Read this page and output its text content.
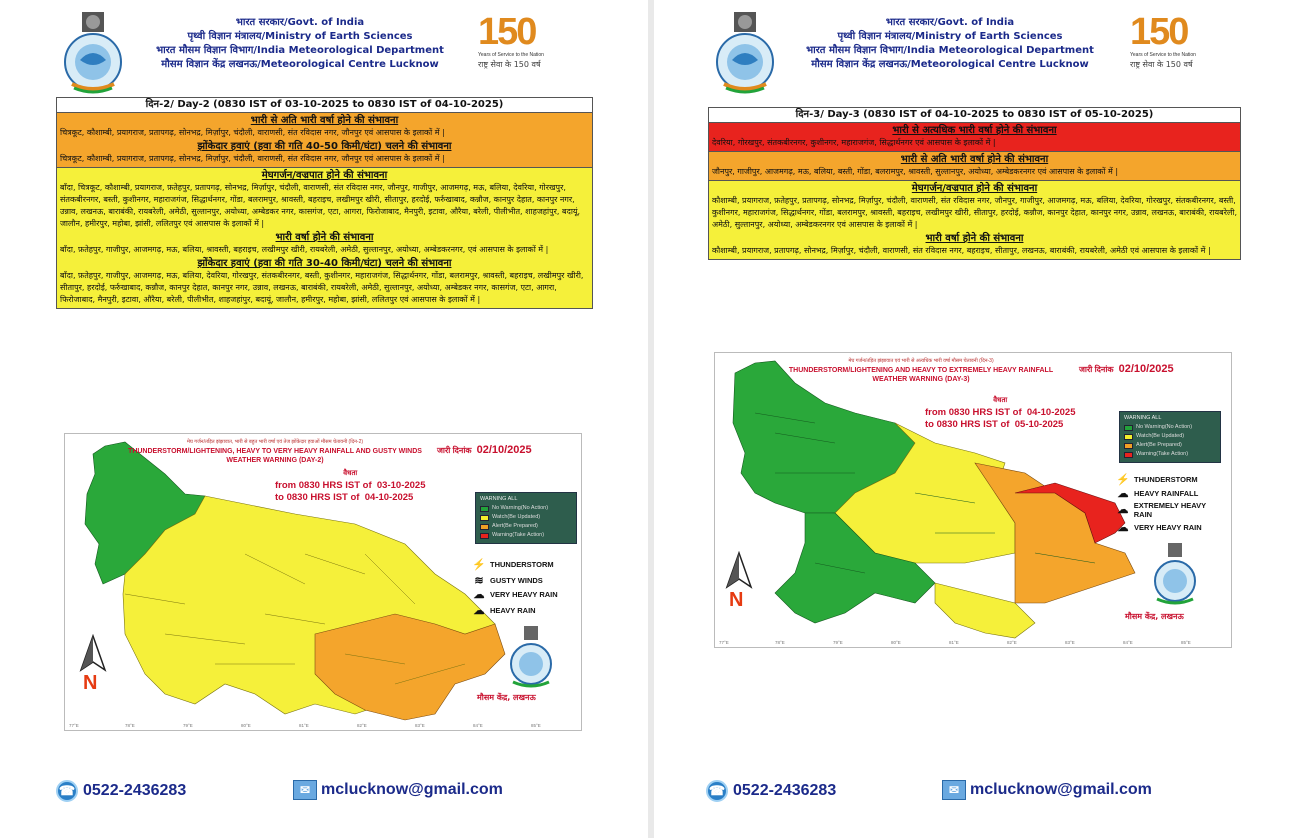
भारत सरकार/Govt. of India
पृथ्वी विज्ञान मंत्रालय/Ministry of Earth Sciences
भारत मौसम विज्ञान विभाग/India Meteorological Department
मौसम विज्ञान केंद्र लखनऊ/Meteorological Centre Lucknow
150
Years of Service to the Nation
राष्ट्र सेवा के 150 वर्ष
दिन-2/ Day-2 (0830 IST of 03-10-2025 to 0830 IST of 04-10-2025)
भारी से अति भारी वर्षा होने की संभावना
चित्रकूट, कौशाम्बी, प्रयागराज, प्रतापगढ़, सोनभद्र, मिर्ज़ापुर, चंदौली, वाराणसी, संत रविदास नगर, जौनपुर एवं आसपास के इलाकों में |
झोंकेदार हवाएं (हवा की गति 40-50 किमी/घंटा) चलने की संभावना
चित्रकूट, कौशाम्बी, प्रयागराज, प्रतापगढ़, सोनभद्र, मिर्ज़ापुर, चंदौली, वाराणसी, संत रविदास नगर, जौनपुर एवं आसपास के इलाकों में |
मेघगर्जन/वज्रपात होने की संभावना
बाँदा, चित्रकूट, कौशाम्बी, प्रयागराज, फ़तेहपुर, प्रतापगढ़, सोनभद्र, मिर्ज़ापुर, चंदौली, वाराणसी, संत रविदास नगर, जौनपुर, गाजीपुर, आजमगढ़, मऊ, बलिया, देवरिया, गोरखपुर, संतकबीरनगर, बस्ती, कुशीनगर, महाराजगंज, सिद्धार्थनगर, गोंडा, बलरामपुर, श्रावस्ती, बहराइच, लखीमपुर खीरी, सीतापुर, हरदोई, फर्रुखाबाद, कन्नौज, कानपुर देहात, कानपुर नगर, उन्नाव, लखनऊ, बाराबंकी, रायबरेली, अमेठी, सुल्तानपुर, अयोध्या, अम्बेडकर नगर, कासगंज, एटा, आगरा, फिरोजाबाद, मैनपुरी, इटावा, औरैया, बरेली, पीलीभीत, शाहजहांपुर, बदायूं, जालौन, हमीरपुर, महोबा, झांसी, ललितपुर एवं आसपास के इलाकों में |
भारी वर्षा होने की संभावना
बाँदा, फ़तेहपुर, गाजीपुर, आजमगढ़, मऊ, बलिया, श्रावस्ती, बहराइच, लखीमपुर खीरी, रायबरेली, अमेठी, सुल्तानपुर, अयोध्या, अम्बेडकरनगर, एवं आसपास के इलाकों में |
झोंकेदार हवाएं (हवा की गति 30-40 किमी/घंटा) चलने की संभावना
बाँदा, फ़तेहपुर, गाजीपुर, आजमगढ़, मऊ, बलिया, देवरिया, गोरखपुर, संतकबीरनगर, बस्ती, कुशीनगर, महाराजगंज, सिद्धार्थनगर, गोंडा, बलरामपुर, श्रावस्ती, बहराइच, लखीमपुर खीरी, सीतापुर, हरदोई, फर्रुखाबाद, कन्नौज, कानपुर देहात, कानपुर नगर, उन्नाव, लखनऊ, बाराबंकी, रायबरेली, अमेठी, सुल्तानपुर, अयोध्या, अम्बेडकर नगर, कासगंज, एटा, आगरा, फिरोजाबाद, मैनपुरी, इटावा, औरैया, बरेली, पीलीभीत, शाहजहांपुर, बदायूं, जालौन, हमीरपुर, महोबा, झांसी, ललितपुर एवं आसपास के इलाकों में |
मेघ गर्जन/तड़ित झंझावात, भारी से बहुत भारी वर्षा एवं तेज झोंकेदार हवाओं मौसम चेतावनी (दिन-2)
THUNDERSTORM/LIGHTENING, HEAVY TO VERY HEAVY RAINFALL AND GUSTY WINDS WEATHER WARNING (DAY-2)
जारी दिनांक 02/10/2025
वैधता
from 0830 HRS IST of 03-10-2025
to 0830 HRS IST of 04-10-2025	WARNING ALL
No Warning(No Action)
Watch(Be Updated)
Alert(Be Prepared)
Warning(Take Action)
⚡ THUNDERSTORM
≋ GUSTY WINDS
☁ VERY HEAVY RAIN
☁ HEAVY RAIN
N
मौसम केंद्र, लखनऊ
77°E	78°E	79°E	80°E	81°E	82°E	83°E	84°E	85°E
☎ 0522-2436283	✉ mclucknow@gmail.com
भारत सरकार/Govt. of India
पृथ्वी विज्ञान मंत्रालय/Ministry of Earth Sciences
भारत मौसम विज्ञान विभाग/India Meteorological Department
मौसम विज्ञान केंद्र लखनऊ/Meteorological Centre Lucknow
150
Years of Service to the Nation
राष्ट्र सेवा के 150 वर्ष
दिन-3/ Day-3 (0830 IST of 04-10-2025 to 0830 IST of 05-10-2025)
भारी से अत्यधिक भारी वर्षा होने की संभावना
देवरिया, गोरखपुर, संतकबीरनगर, कुशीनगर, महाराजगंज, सिद्धार्थनगर एवं आसपास के इलाकों में |
भारी से अति भारी वर्षा होने की संभावना
जौनपुर, गाजीपुर, आजमगढ़, मऊ, बलिया, बस्ती, गोंडा, बलरामपुर, श्रावस्ती, सुल्तानपुर, अयोध्या, अम्बेडकरनगर एवं आसपास के इलाकों में |
मेघगर्जन/वज्रपात होने की संभावना
कौशाम्बी, प्रयागराज, फ़तेहपुर, प्रतापगढ़, सोनभद्र, मिर्ज़ापुर, चंदौली, वाराणसी, संत रविदास नगर, जौनपुर, गाजीपुर, आजमगढ़, मऊ, बलिया, देवरिया, गोरखपुर, संतकबीरनगर, बस्ती, कुशीनगर, महाराजगंज, सिद्धार्थनगर, गोंडा, बलरामपुर, श्रावस्ती, बहराइच, लखीमपुर खीरी, सीतापुर, हरदोई, कन्नौज, कानपुर देहात, कानपुर नगर, उन्नाव, लखनऊ, बाराबंकी, रायबरेली, अमेठी, सुल्तानपुर, अयोध्या, अम्बेडकरनगर एवं आसपास के इलाकों में |
भारी वर्षा होने की संभावना
कौशाम्बी, प्रयागराज, प्रतापगढ़, सोनभद्र, मिर्ज़ापुर, चंदौली, वाराणसी, संत रविदास नगर, बहराइच, सीतापुर, लखनऊ, बाराबंकी, रायबरेली, अमेठी एवं आसपास के इलाकों में |
मेघ गर्जन/तड़ित झंझावात एवं भारी से अत्यधिक भारी वर्षा मौसम चेतावनी (दिन-3)
THUNDERSTORM/LIGHTENING AND HEAVY TO EXTREMELY HEAVY RAINFALL WEATHER WARNING (DAY-3)
जारी दिनांक 02/10/2025
वैधता
from 0830 HRS IST of 04-10-2025
to 0830 HRS IST of 05-10-2025
WARNING ALL
No Warning(No Action)
Watch(Be Updated)
Alert(Be Prepared)
Warning(Take Action)
⚡ THUNDERSTORM
☁ HEAVY RAINFALL
☁ EXTREMELY HEAVY RAIN
☁ VERY HEAVY RAIN
N
मौसम केंद्र, लखनऊ
77°E	78°E	79°E	80°E	81°E	82°E	83°E	84°E	85°E
☎ 0522-2436283	✉ mclucknow@gmail.com
